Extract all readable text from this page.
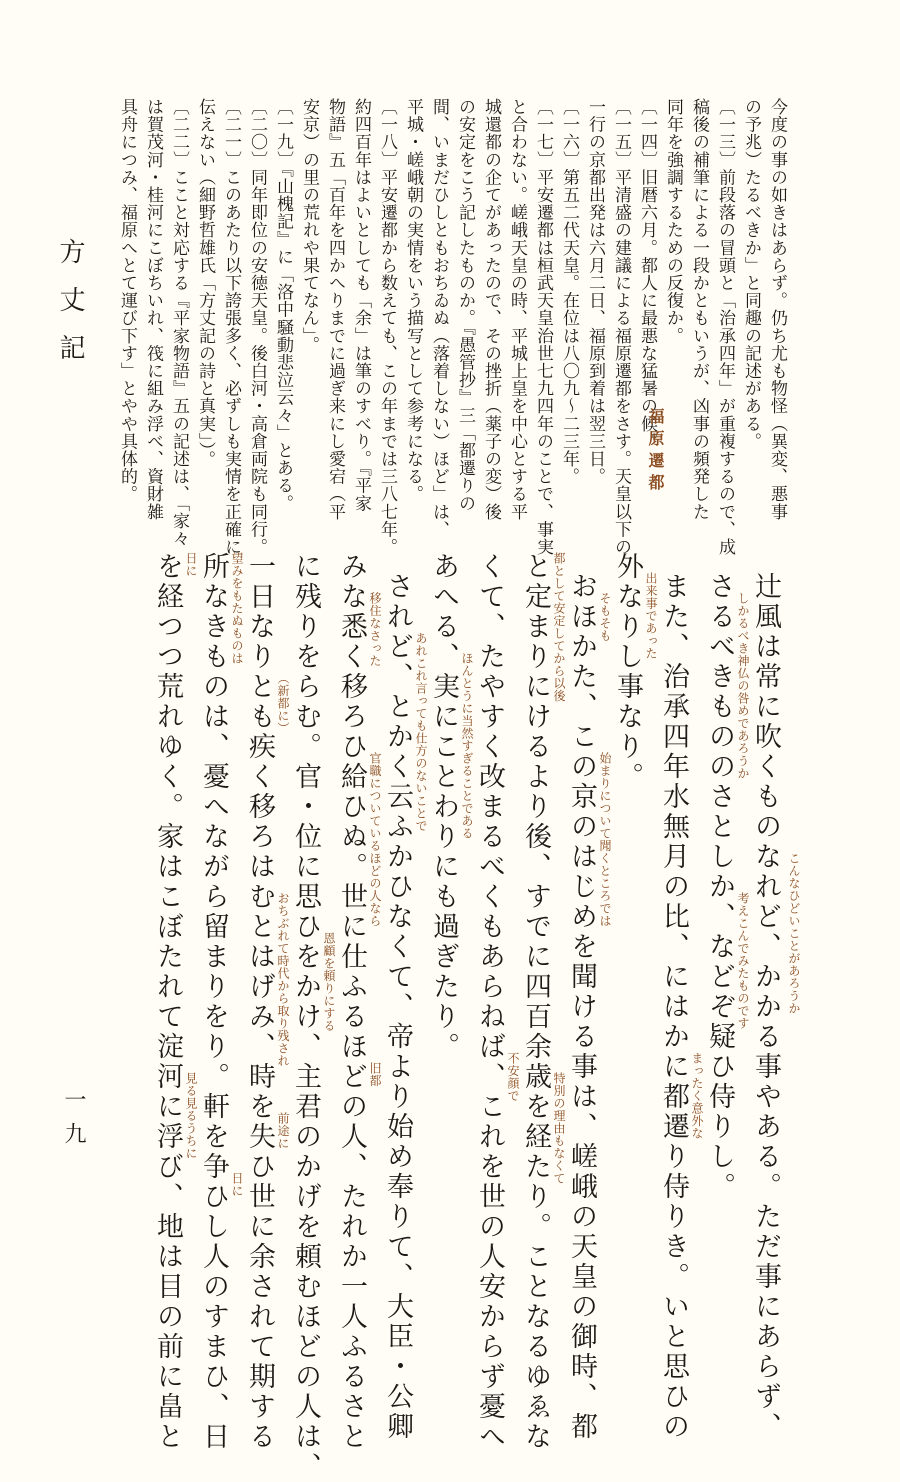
方丈記
一九
今度の事の如きはあらず。仍ち尤も物怪（異変、悪事
の予兆）たるべきか」と同趣の記述がある。
〔一三〕前段落の冒頭と「治承四年」が重複するので、成
稿後の補筆による一段かともいうが、凶事の頻発した
同年を強調するための反復か。
〔一四〕旧暦六月。都人に最悪な猛暑の候。
〔一五〕平清盛の建議による福原遷都をさす。天皇以下の
一行の京都出発は六月二日、福原到着は翌三日。
〔一六〕第五二代天皇。在位は八〇九～二三年。
〔一七〕平安遷都は桓武天皇治世七九四年のことで、事実
と合わない。嵯峨天皇の時、平城上皇を中心とする平
城還都の企てがあったので、その挫折（薬子の変）後
の安定をこう記したものか。『愚管抄』三「都遷りの
間、いまだひしともおちゐぬ（落着しない）ほど」は、
平城・嵯峨朝の実情をいう描写として参考になる。
〔一八〕平安遷都から数えても、この年までは三八七年。
約四百年はよいとしても「余」は筆のすべり。『平家
物語』五「百年を四かへりまでに過ぎ来にし愛宕（平
安京）の里の荒れや果てなん」。
〔一九〕『山槐記』に「洛中騒動悲泣云々」とある。
〔二〇〕同年即位の安徳天皇。後白河・高倉両院も同行。
〔二一〕このあたり以下誇張多く、必ずしも実情を正確に
伝えない（細野哲雄氏「方丈記の詩と真実」）。
〔二二〕ここと対応する『平家物語』五の記述は、「家々
は賀茂河・桂河にこぼちいれ、筏に組み浮べ、資財雑
具舟につみ、福原へとて運び下す」とやや具体的。	福原遷都
辻風は常に吹くものなれど、かかる事やある。ただ事にあらず、
さるべきもののさとしか、などぞ疑ひ侍りし。
また、治承四年水無月の比、にはかに都遷り侍りき。いと思ひの
外なりし事なり。
おほかた、この京のはじめを聞ける事は、嵯峨の天皇の御時、都
と定まりにけるより後、すでに四百余歳を経たり。ことなるゆゑな
くて、たやすく改まるべくもあらねば、これを世の人安からず憂へ
あへる、実にことわりにも過ぎたり。
されど、とかく云ふかひなくて、帝より始め奉りて、大臣・公卿
みな悉く移ろひ給ひぬ。世に仕ふるほどの人、たれか一人ふるさと
に残りをらむ。官・位に思ひをかけ、主君のかげを頼むほどの人は、
一日なりとも疾く移ろはむとはげみ、時を失ひ世に余されて期する
所なきものは、憂へながら留まりをり。軒を争ひし人のすまひ、日
を経つつ荒れゆく。家はこぼたれて淀河に浮び、地は目の前に畠と	こんなひどいことがあろうか
しかるべき神仏の咎めであろうか
考えこんでみたものです
まったく意外な
出来事であった
そもそも
始まりについて聞くところでは
都として安定してから以後
特別の理由もなくて
不安顔で
ほんとうに当然すぎることである
あれこれ言っても仕方のないことで
移住なさった
官職についているほどの人なら
旧都
恩顧を頼りにする
（新都に）
おちぶれて時代から取り残され
前途に
望みをもたぬものは
日に
日に
見る見るうちに
